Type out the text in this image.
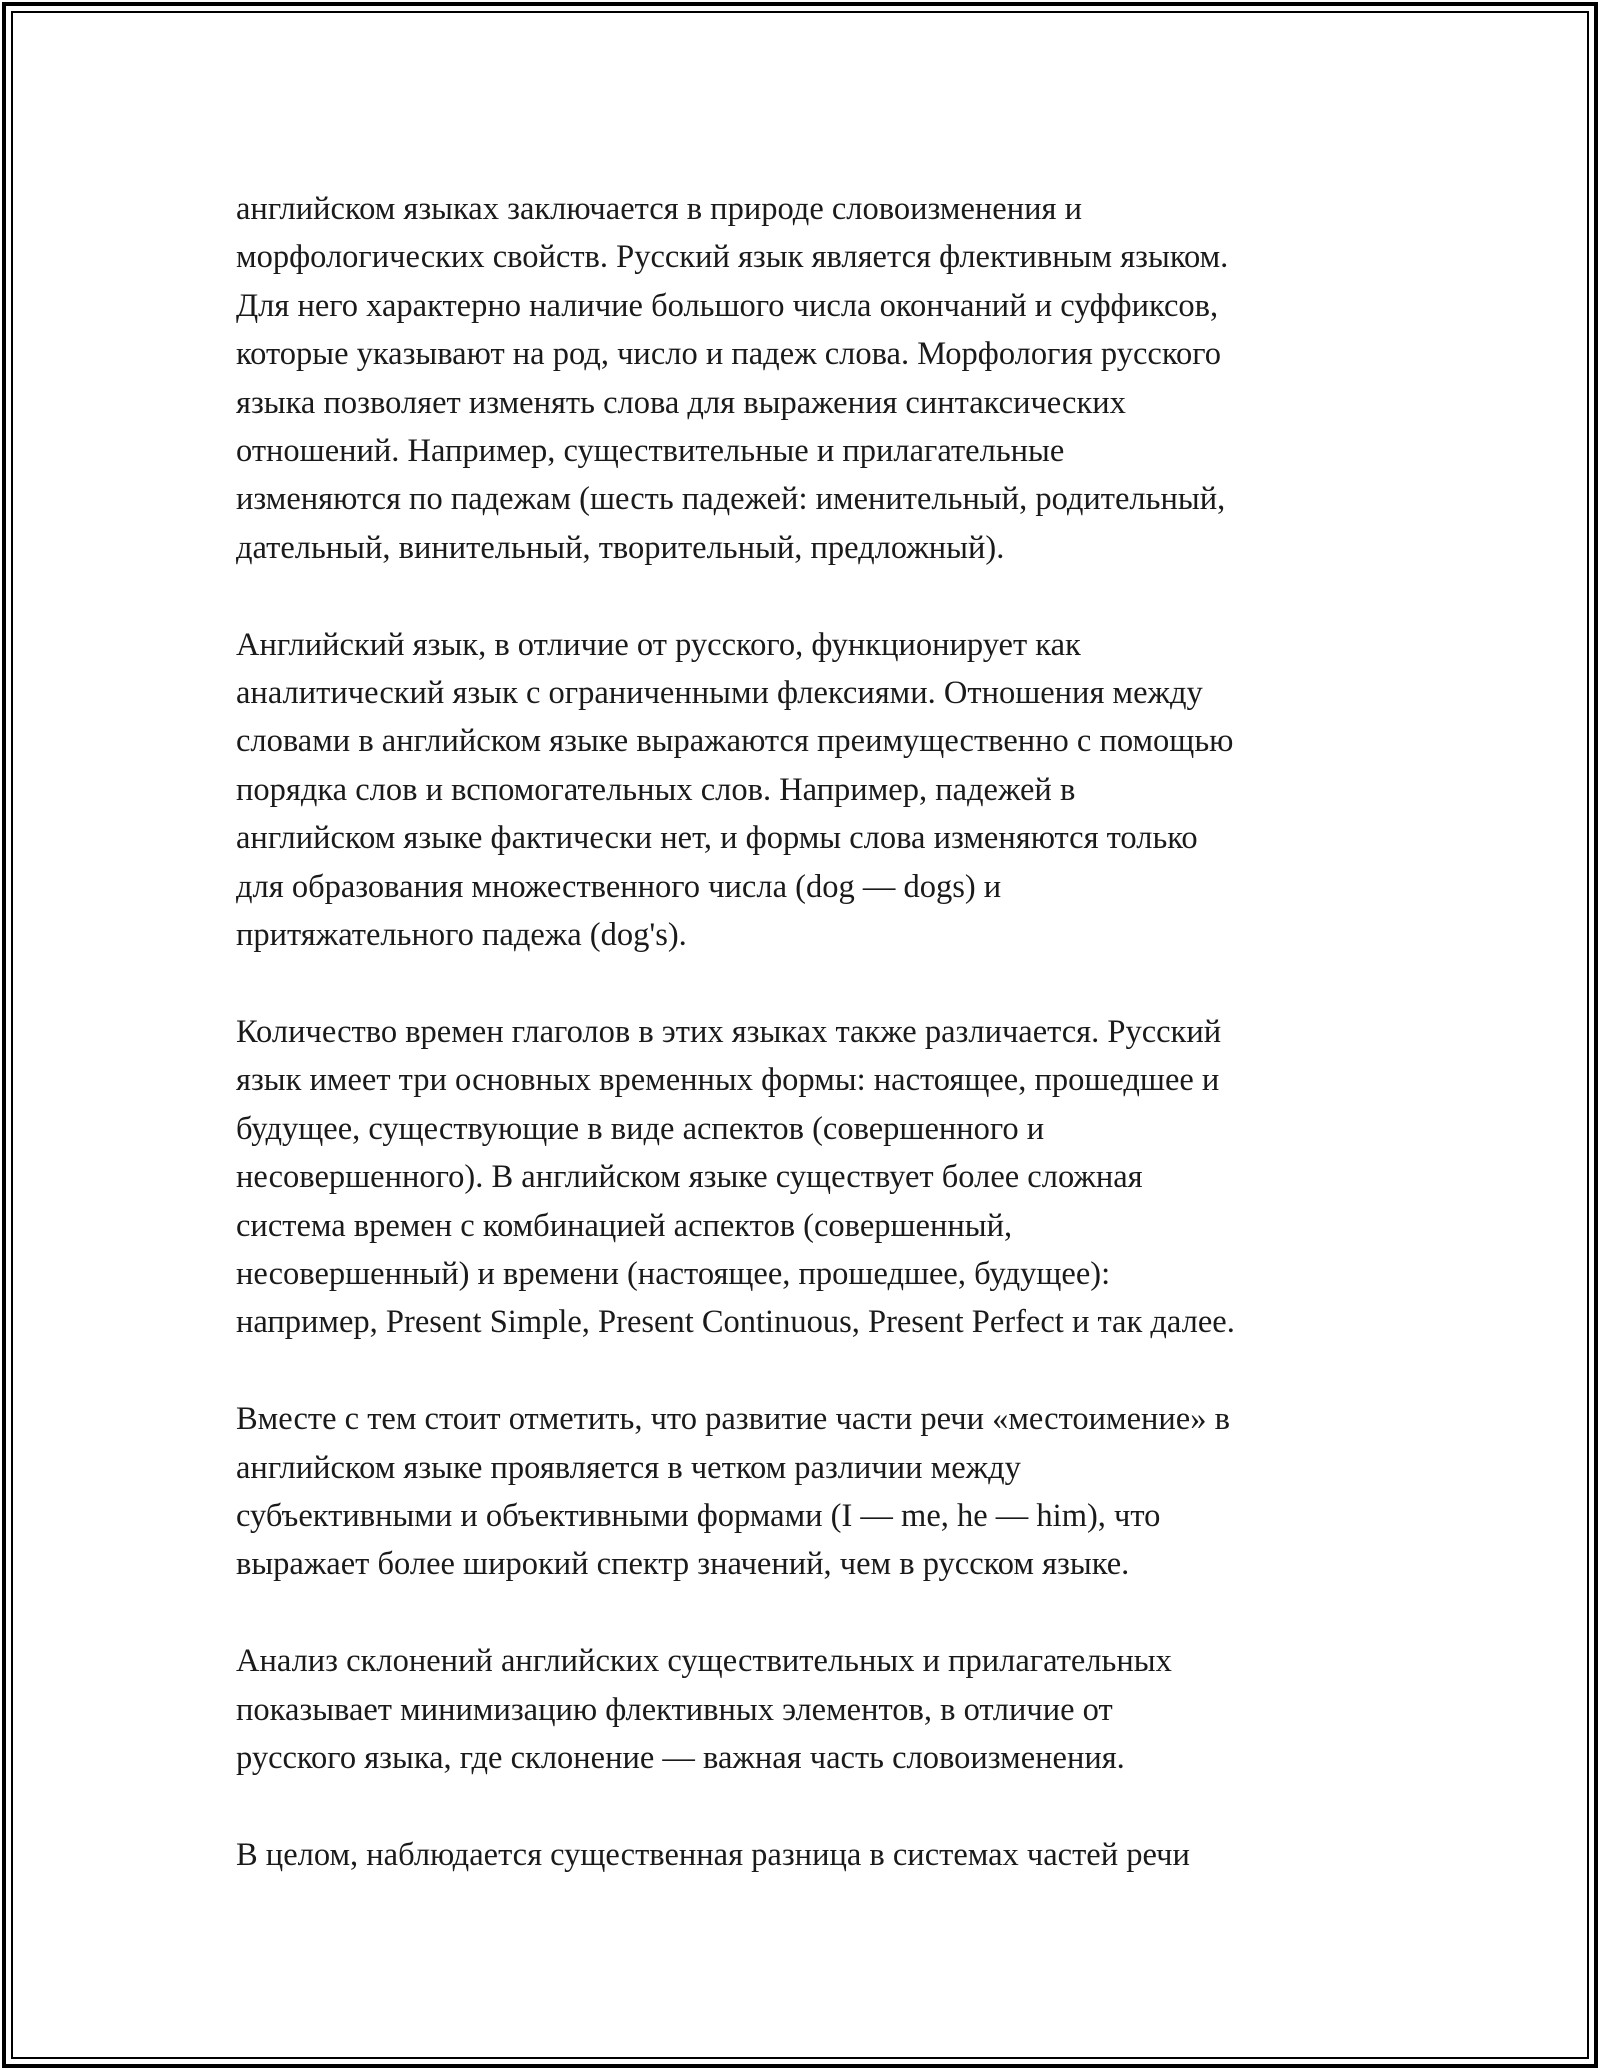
английском языках заключается в природе словоизменения и
морфологических свойств. Русский язык является флективным языком.
Для него характерно наличие большого числа окончаний и суффиксов,
которые указывают на род, число и падеж слова. Морфология русского
языка позволяет изменять слова для выражения синтаксических
отношений. Например, существительные и прилагательные
изменяются по падежам (шесть падежей: именительный, родительный,
дательный, винительный, творительный, предложный).

Английский язык, в отличие от русского, функционирует как
аналитический язык с ограниченными флексиями. Отношения между
словами в английском языке выражаются преимущественно с помощью
порядка слов и вспомогательных слов. Например, падежей в
английском языке фактически нет, и формы слова изменяются только
для образования множественного числа (dog — dogs) и
притяжательного падежа (dog's).

Количество времен глаголов в этих языках также различается. Русский
язык имеет три основных временных формы: настоящее, прошедшее и
будущее, существующие в виде аспектов (совершенного и
несовершенного). В английском языке существует более сложная
система времен с комбинацией аспектов (совершенный,
несовершенный) и времени (настоящее, прошедшее, будущее):
например, Present Simple, Present Continuous, Present Perfect и так далее.

Вместе с тем стоит отметить, что развитие части речи «местоимение» в
английском языке проявляется в четком различии между
субъективными и объективными формами (I — me, he — him), что
выражает более широкий спектр значений, чем в русском языке.

Анализ склонений английских существительных и прилагательных
показывает минимизацию флективных элементов, в отличие от
русского языка, где склонение — важная часть словоизменения.

В целом, наблюдается существенная разница в системах частей речи
